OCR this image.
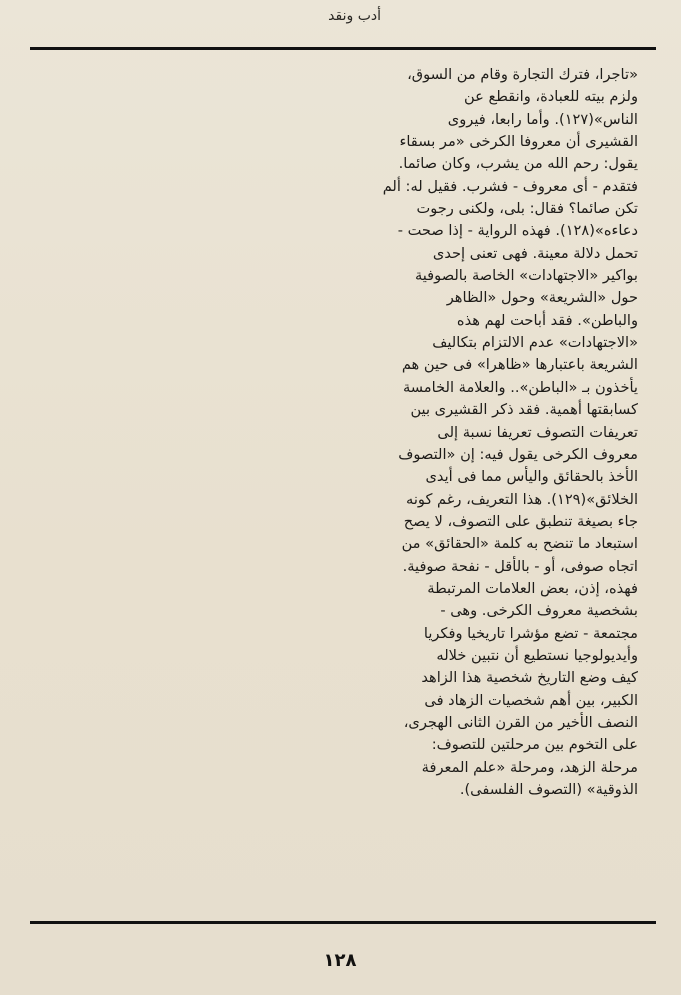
أدب ونقد
«تاجرا، فترك التجارة وقام من السوق،
ولزم بيته للعبادة، وانقطع عن
الناس»(١٢٧). وأما رابعا، فيروى
القشيرى أن معروفا الكرخى «مر بسقاء
يقول: رحم الله من يشرب، وكان صائما.
فتقدم - أى معروف - فشرب. فقيل له: ألم
تكن صائما؟ فقال: بلى، ولكنى رجوت
دعاءه»(١٢٨). فهذه الرواية - إذا صحت -
تحمل دلالة معينة. فهى تعنى إحدى
بواكير «الاجتهادات» الخاصة بالصوفية
حول «الشريعة» وحول «الظاهر
والباطن». فقد أباحت لهم هذه
«الاجتهادات» عدم الالتزام بتكاليف
الشريعة باعتبارها «ظاهرا» فى حين هم
يأخذون بـ «الباطن».. والعلامة الخامسة
كسابقتها أهمية. فقد ذكر القشيرى بين
تعريفات التصوف تعريفا نسبة إلى
معروف الكرخى يقول فيه: إن «التصوف
الأخذ بالحقائق واليأس مما فى أيدى
الخلائق»(١٢٩). هذا التعريف، رغم كونه
جاء بصيغة تنطبق على التصوف، لا يصح
استبعاد ما تنضح به كلمة «الحقائق» من
اتجاه صوفى، أو - بالأقل - نفحة صوفية.
فهذه، إذن، بعض العلامات المرتبطة
بشخصية معروف الكرخى. وهى -
مجتمعة - تضع مؤشرا تاريخيا وفكريا
وأيديولوجيا نستطيع أن نتبين خلاله
كيف وضع التاريخ شخصية هذا الزاهد
الكبير، بين أهم شخصيات الزهاد فى
النصف الأخير من القرن الثانى الهجرى،
على التخوم بين مرحلتين للتصوف:
مرحلة الزهد، ومرحلة «علم المعرفة
الذوقية» (التصوف الفلسفى).
١٢٨
